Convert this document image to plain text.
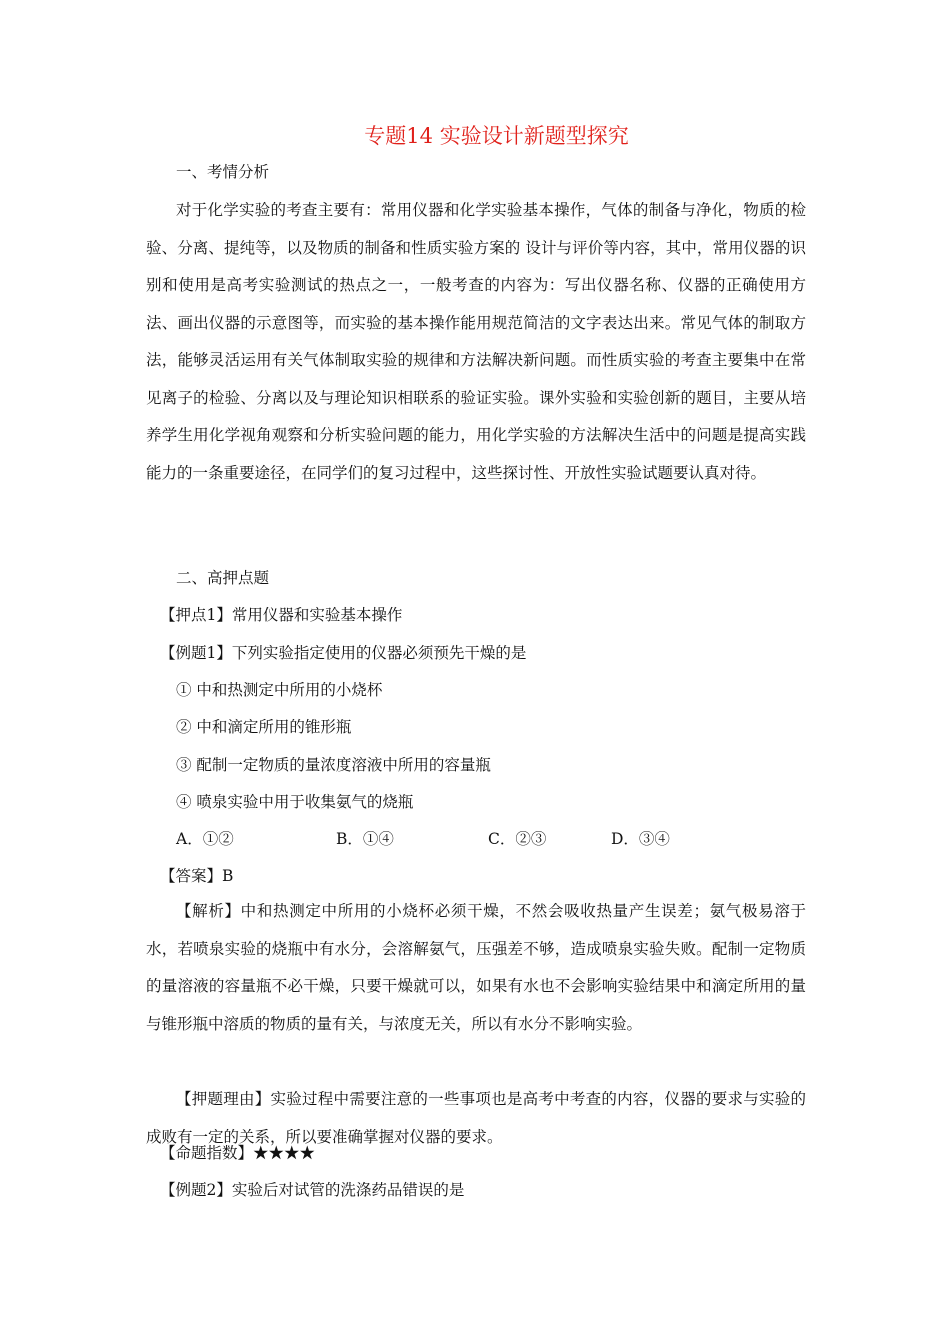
专题14 实验设计新题型探究
一、考情分析
对于化学实验的考查主要有：常用仪器和化学实验基本操作，气体的制备与净化，物质的检验、分离、提纯等，以及物质的制备和性质实验方案的 设计与评价等内容，其中，常用仪器的识别和使用是高考实验测试的热点之一，一般考查的内容为：写出仪器名称、仪器的正确使用方法、画出仪器的示意图等，而实验的基本操作能用规范简洁的文字表达出来。常见气体的制取方法，能够灵活运用有关气体制取实验的规律和方法解决新问题。而性质实验的考查主要集中在常见离子的检验、分离以及与理论知识相联系的验证实验。课外实验和实验创新的题目，主要从培养学生用化学视角观察和分析实验问题的能力，用化学实验的方法解决生活中的问题是提高实践能力的一条重要途径，在同学们的复习过程中，这些探讨性、开放性实验试题要认真对待。
二、高押点题
【押点1】常用仪器和实验基本操作
【例题1】下列实验指定使用的仪器必须预先干燥的是
① 中和热测定中所用的小烧杯
② 中和滴定所用的锥形瓶
③ 配制一定物质的量浓度溶液中所用的容量瓶
④ 喷泉实验中用于收集氨气的烧瓶
A．①②	B．①④	C．②③	D．③④
【答案】B
【解析】中和热测定中所用的小烧杯必须干燥，不然会吸收热量产生误差；氨气极易溶于水，若喷泉实验的烧瓶中有水分，会溶解氨气，压强差不够，造成喷泉实验失败。配制一定物质的量溶液的容量瓶不必干燥，只要干燥就可以，如果有水也不会影响实验结果中和滴定所用的量与锥形瓶中溶质的物质的量有关，与浓度无关，所以有水分不影响实验。
【押题理由】实验过程中需要注意的一些事项也是高考中考查的内容，仪器的要求与实验的成败有一定的关系，所以要准确掌握对仪器的要求。
【命题指数】★★★★
【例题2】实验后对试管的洗涤药品错误的是
